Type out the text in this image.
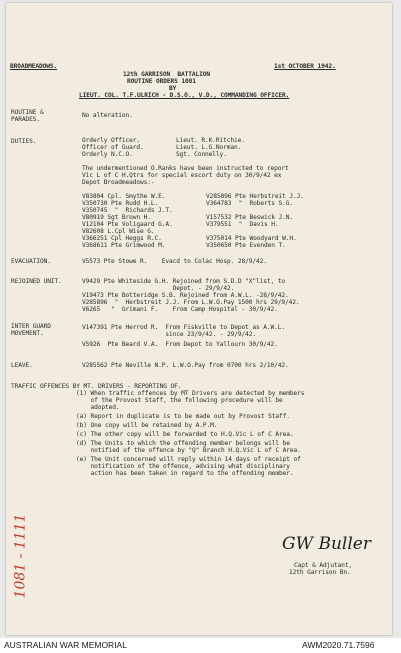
BROADMEADOWS.	1st OCTOBER 1942.
12th GARRISON  BATTALION
ROUTINE ORDERS 1081
BY
LIEUT. COL. T.F.ULRICH - D.S.O., V.D., COMMANDING OFFICER.
ROUTINE &
PARADES.
No alteration.
DUTIES.	Orderly Officer.	Lieut. R.K.Ritchie.
Officer of Guard.	Lieut. L.G.Norman.
Orderly N.C.O.	Sgt. Connelly.
The undermentioned O.Ranks have been instructed to report
Vic L of C H.Qtrs for special escort duty on 30/9/42 ex
Depot Broadmeadows:-
V83804 Cpl. Smythe W.E.	V285896 Pte Herbstreit J.J.
V350730 Pte Rudd H.L.	V364783  "  Roberts S.G.
V350745  "  Richards J.T.
V80919 Sgt Brown H.	V157532 Pte Beswick J.N.
V12104 Pte Voligaard G.A.	V379551  "  Davis H.
V82608 L.Cpl Wise G.
V366251 Cpl Heggs R.C.	V375014 Pte Woodyard W.H.
V368611 Pte Grimwood M.	V350650 Pte Evenden T.
EVACUATION.	V5573 Pte Stowe R.    Evacd to Colac Hosp. 28/9/42.
REJOINED UNIT.	V9429 Pte Whiteside G.H. Rejoined from S.D.D "X"list, to
Depot. - 29/9/42.
V19473 Pte Botteridge S.B. Rejoined from A.W.L. -28/9/42.
V285896  "  Herbstreit J.J. From L.W.O.Pay 1500 hrs 29/9/42.
V6265   "  Grimani F.    From Camp Hospital - 30/9/42.
INTER GUARD
MOVEMENT.
V147391 Pte Herrod R.  From Fiskville to Depot as A.W.L.
since 23/9/42. - 29/9/42.
V5926  Pte Beard V.A.  From Depot to Yallourn 30/9/42.
LEAVE.	V285562 Pte Neville N.P. L.W.O.Pay from 0700 hrs 2/10/42.
TRAFFIC OFFENCES BY MT. DRIVERS - REPORTING OF.
(1) When traffic offences by MT Drivers are detected by members
of the Provost Staff, the following procedure will be
adopted.
(a) Report in duplicate is to be made out by Provost Staff.
(b) One copy will be retained by A.P.M.
(c) The other copy will be forwarded to H.Q.Vic L of C Area.
(d) The Units to which the offending member belongs will be
notified of the offence by "Q" Branch H.Q.Vic L of C Area.
(e) The Unit concerned will reply within 14 days of receipt of
notification of the offence, advising what disciplinary
action has been taken in regard to the offending member.
GW Buller
Capt & Adjutant,
12th Garrison Bn.
1081 - 1111
AUSTRALIAN WAR MEMORIAL	AWM2020.71.7596
